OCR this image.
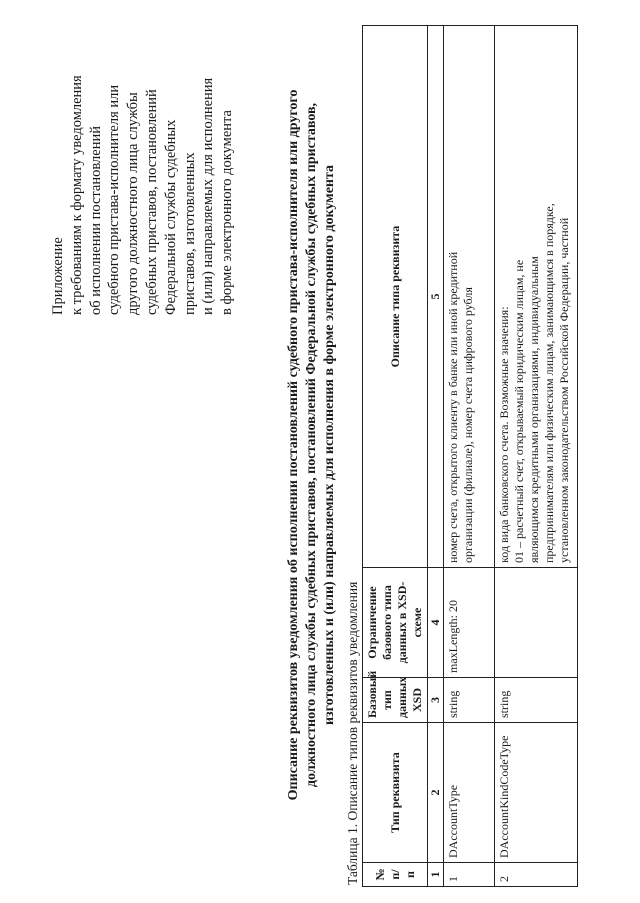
Приложение к требованиям к формату уведомления об исполнении постановлений судебного пристава-исполнителя или другого должностного лица службы судебных приставов, постановлений Федеральной службы судебных приставов, изготовленных и (или) направляемых для исполнения в форме электронного документа	Описание реквизитов уведомления об исполнении постановлений судебного пристава-исполнителя или другого должностного лица службы судебных приставов, постановлений Федеральной службы судебных приставов, изготовленных и (или) направляемых для исполнения в форме электронного документа
Таблица 1. Описание типов реквизитов уведомления № п/п	Тип реквизита	Базовый тип данных XSD	Ограничение базового типа данных в XSD-схеме	Описание типа реквизита
1	2	3	4	5
1	DAccountType	string	maxLength: 20	номер счета, открытого клиенту в банке или иной кредитной организации (филиале), номер счета цифрового рубля

2	DAccountKindCodeType	string		код вида банковского счета. Возможные значения: 01 – расчетный счет, открываемый юридическим лицам, не являющимся кредитными организациями, индивидуальным предпринимателям или физическим лицам, занимающимся в порядке, установленном законодательством Российской Федерации, частной
